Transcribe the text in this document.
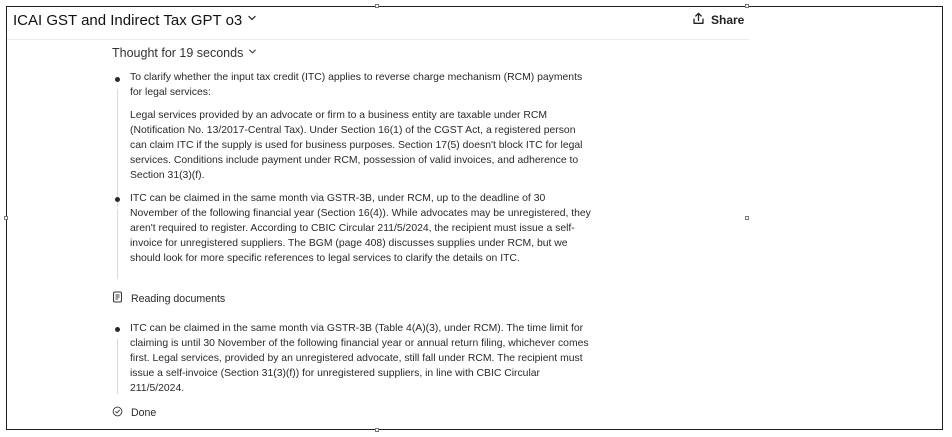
ICAI GST and Indirect Tax GPT o3	Share
Thought for 19 seconds

To clarify whether the input tax credit (ITC) applies to reverse charge mechanism (RCM) payments for legal services:

Legal services provided by an advocate or firm to a business entity are taxable under RCM (Notification No. 13/2017-Central Tax). Under Section 16(1) of the CGST Act, a registered person can claim ITC if the supply is used for business purposes. Section 17(5) doesn't block ITC for legal services. Conditions include payment under RCM, possession of valid invoices, and adherence to Section 31(3)(f).

ITC can be claimed in the same month via GSTR-3B, under RCM, up to the deadline of 30 November of the following financial year (Section 16(4)). While advocates may be unregistered, they aren't required to register. According to CBIC Circular 211/5/2024, the recipient must issue a self-invoice for unregistered suppliers. The BGM (page 408) discusses supplies under RCM, but we should look for more specific references to legal services to clarify the details on ITC.

Reading documents

ITC can be claimed in the same month via GSTR-3B (Table 4(A)(3), under RCM). The time limit for claiming is until 30 November of the following financial year or annual return filing, whichever comes first. Legal services, provided by an unregistered advocate, still fall under RCM. The recipient must issue a self-invoice (Section 31(3)(f)) for unregistered suppliers, in line with CBIC Circular 211/5/2024.

Done
